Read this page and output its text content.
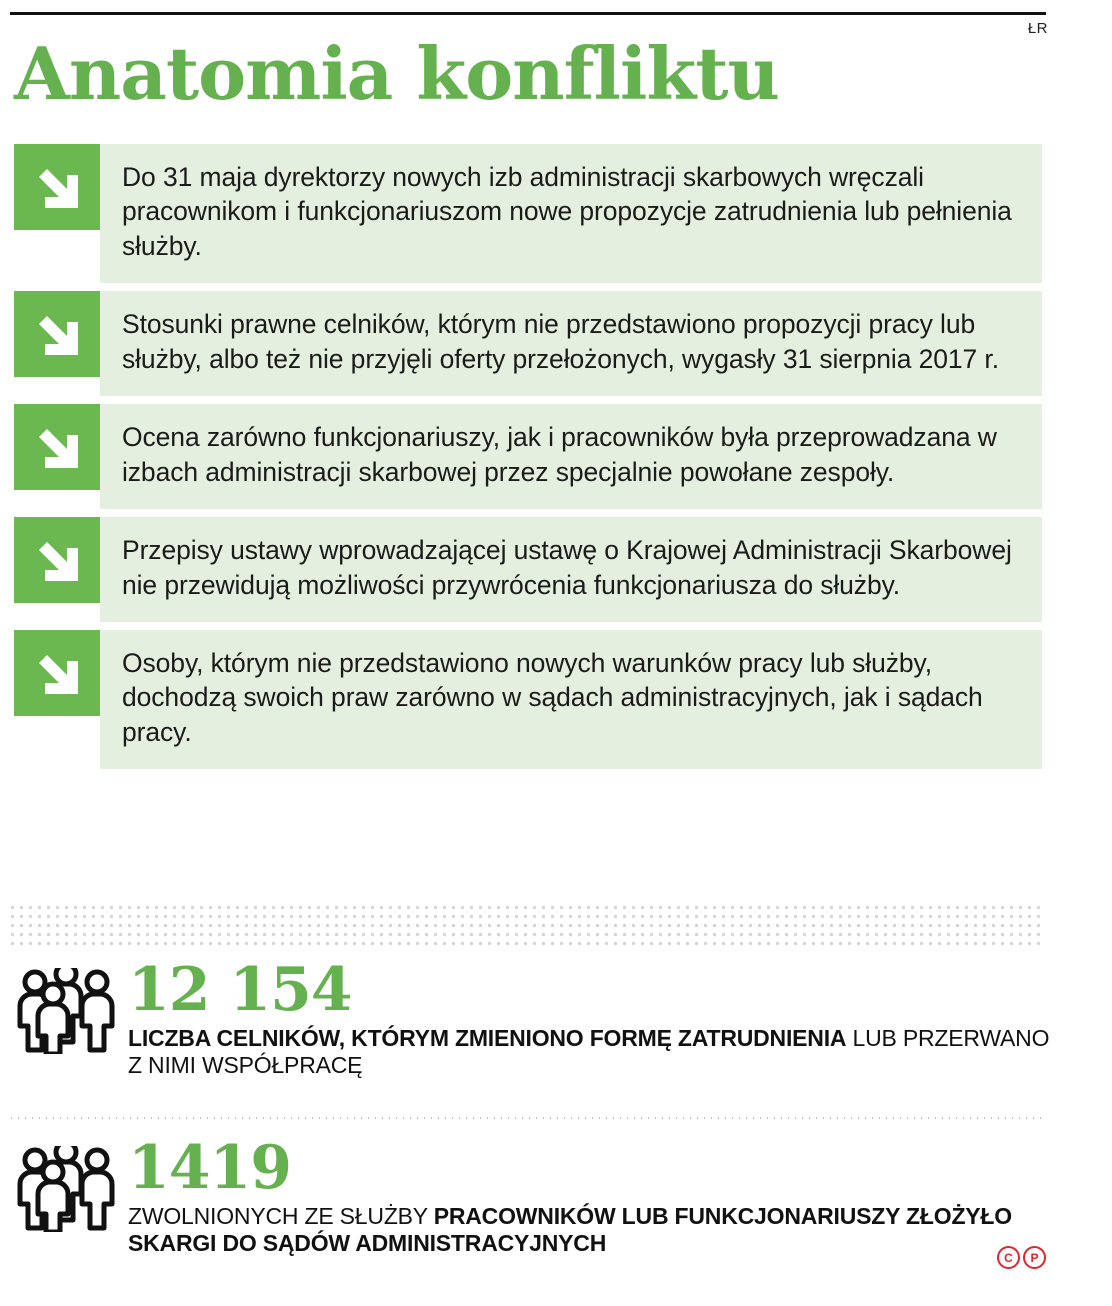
ŁR
Anatomia konfliktu

Do 31 maja dyrektorzy nowych izb administracji skarbowych wręczali pracownikom i funkcjonariuszom nowe propozycje zatrudnienia lub pełnienia służby.

Stosunki prawne celników, którym nie przedstawiono propozycji pracy lub służby, albo też nie przyjęli oferty przełożonych, wygasły 31 sierpnia 2017 r.

Ocena zarówno funkcjonariuszy, jak i pracowników była przeprowadzana w izbach administracji skarbowej przez specjalnie powołane zespoły.

Przepisy ustawy wprowadzającej ustawę o Krajowej Administracji Skarbowej nie przewidują możliwości przywrócenia funkcjonariusza do służby.

Osoby, którym nie przedstawiono nowych warunków pracy lub służby, dochodzą swoich praw zarówno w sądach administracyjnych, jak i sądach pracy.

12 154

LICZBA CELNIKÓW, KTÓRYM ZMIENIONO FORMĘ ZATRUDNIENIA LUB PRZERWANO Z NIMI WSPÓŁPRACĘ

1419

ZWOLNIONYCH ZE SŁUŻBY PRACOWNIKÓW LUB FUNKCJONARIUSZY ZŁOŻYŁO SKARGI DO SĄDÓW ADMINISTRACYJNYCH

C	P
